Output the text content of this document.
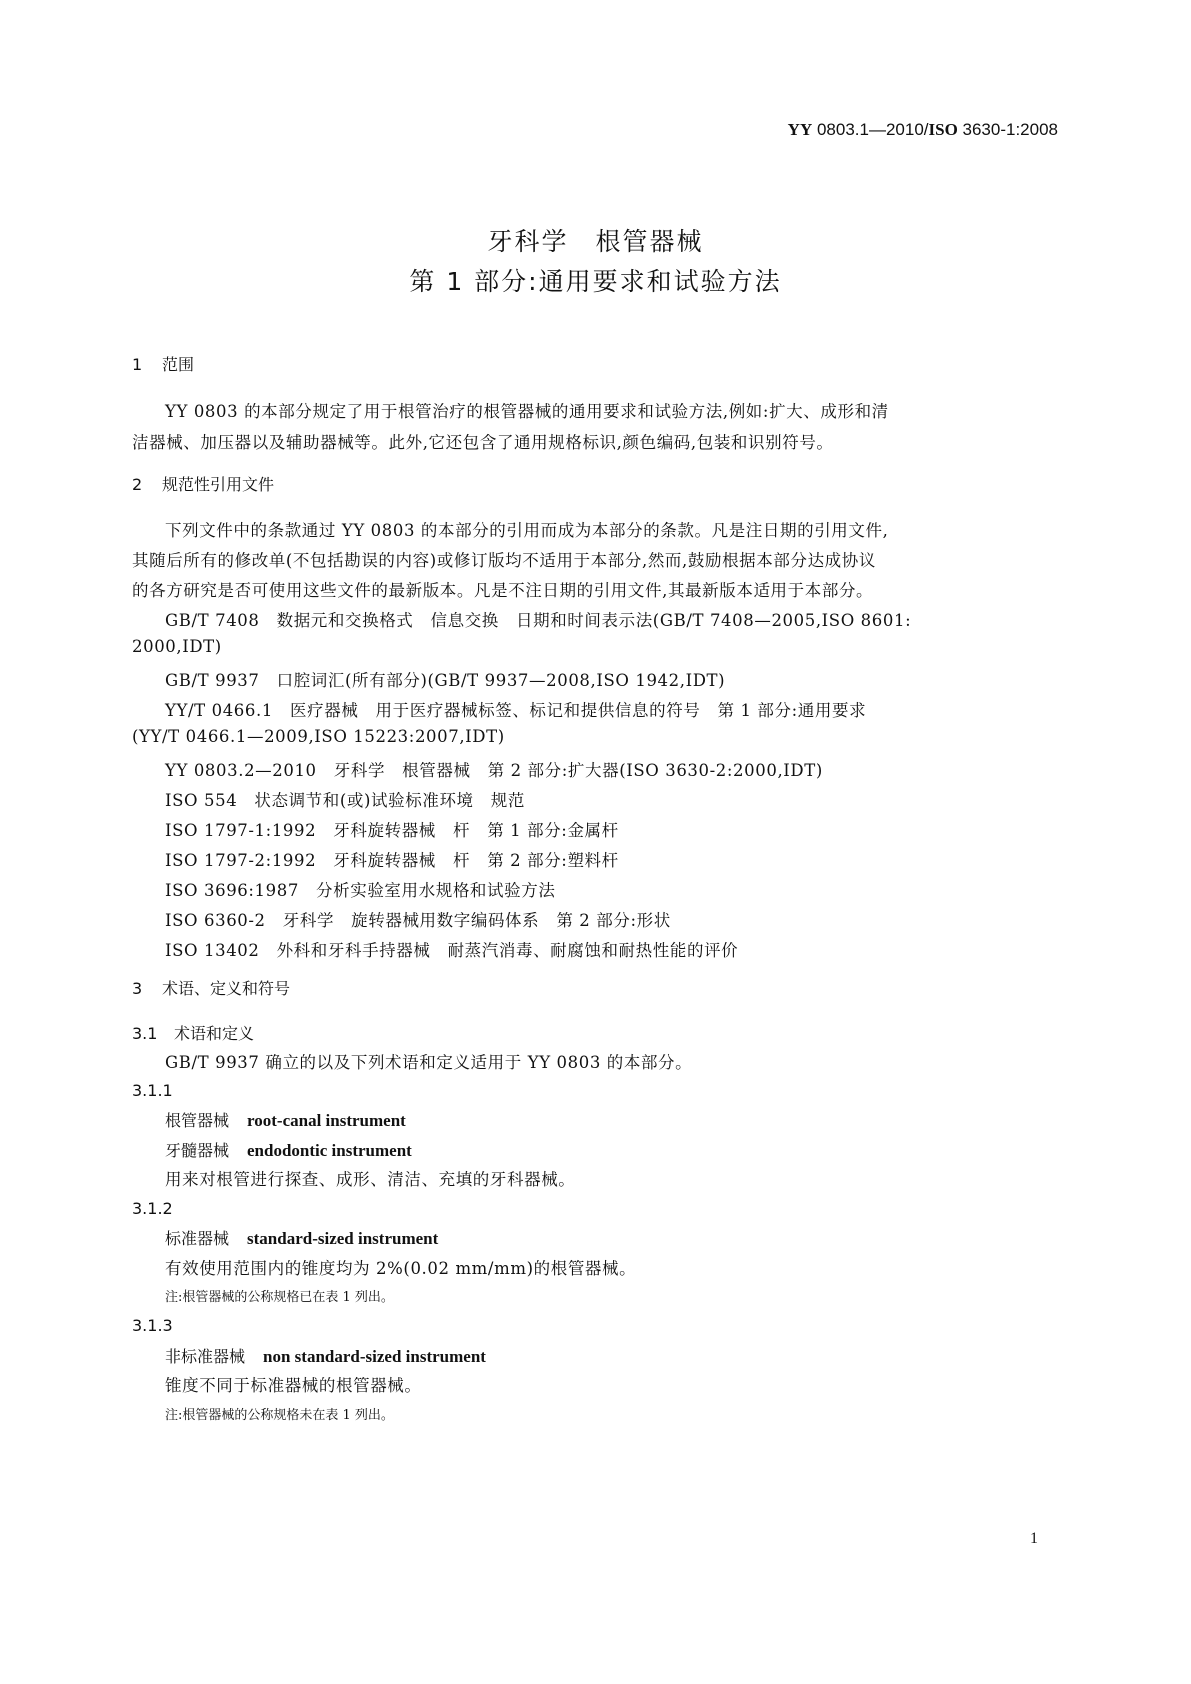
YY 0803.1—2010/ISO 3630-1:2008
牙科学　根管器械
第 1 部分:通用要求和试验方法
1 范围
YY 0803 的本部分规定了用于根管治疗的根管器械的通用要求和试验方法,例如:扩大、成形和清
洁器械、加压器以及辅助器械等。此外,它还包含了通用规格标识,颜色编码,包装和识别符号。
2 规范性引用文件
下列文件中的条款通过 YY 0803 的本部分的引用而成为本部分的条款。凡是注日期的引用文件,
其随后所有的修改单(不包括勘误的内容)或修订版均不适用于本部分,然而,鼓励根据本部分达成协议
的各方研究是否可使用这些文件的最新版本。凡是不注日期的引用文件,其最新版本适用于本部分。
GB/T 7408　数据元和交换格式　信息交换　日期和时间表示法(GB/T 7408—2005,ISO 8601:
2000,IDT)
GB/T 9937　口腔词汇(所有部分)(GB/T 9937—2008,ISO 1942,IDT)
YY/T 0466.1　医疗器械　用于医疗器械标签、标记和提供信息的符号　第 1 部分:通用要求
(YY/T 0466.1—2009,ISO 15223:2007,IDT)
YY 0803.2—2010　牙科学　根管器械　第 2 部分:扩大器(ISO 3630-2:2000,IDT)
ISO 554　状态调节和(或)试验标准环境　规范
ISO 1797-1:1992　牙科旋转器械　杆　第 1 部分:金属杆
ISO 1797-2:1992　牙科旋转器械　杆　第 2 部分:塑料杆
ISO 3696:1987　分析实验室用水规格和试验方法
ISO 6360-2　牙科学　旋转器械用数字编码体系　第 2 部分:形状
ISO 13402　外科和牙科手持器械　耐蒸汽消毒、耐腐蚀和耐热性能的评价
3 术语、定义和符号
3.1 术语和定义
GB/T 9937 确立的以及下列术语和定义适用于 YY 0803 的本部分。
3.1.1
根管器械 root-canal instrument
牙髓器械 endodontic instrument
用来对根管进行探查、成形、清洁、充填的牙科器械。
3.1.2
标准器械 standard-sized instrument
有效使用范围内的锥度均为 2%(0.02 mm/mm)的根管器械。
注:根管器械的公称规格已在表 1 列出。
3.1.3
非标准器械 non standard-sized instrument
锥度不同于标准器械的根管器械。
注:根管器械的公称规格未在表 1 列出。
1
